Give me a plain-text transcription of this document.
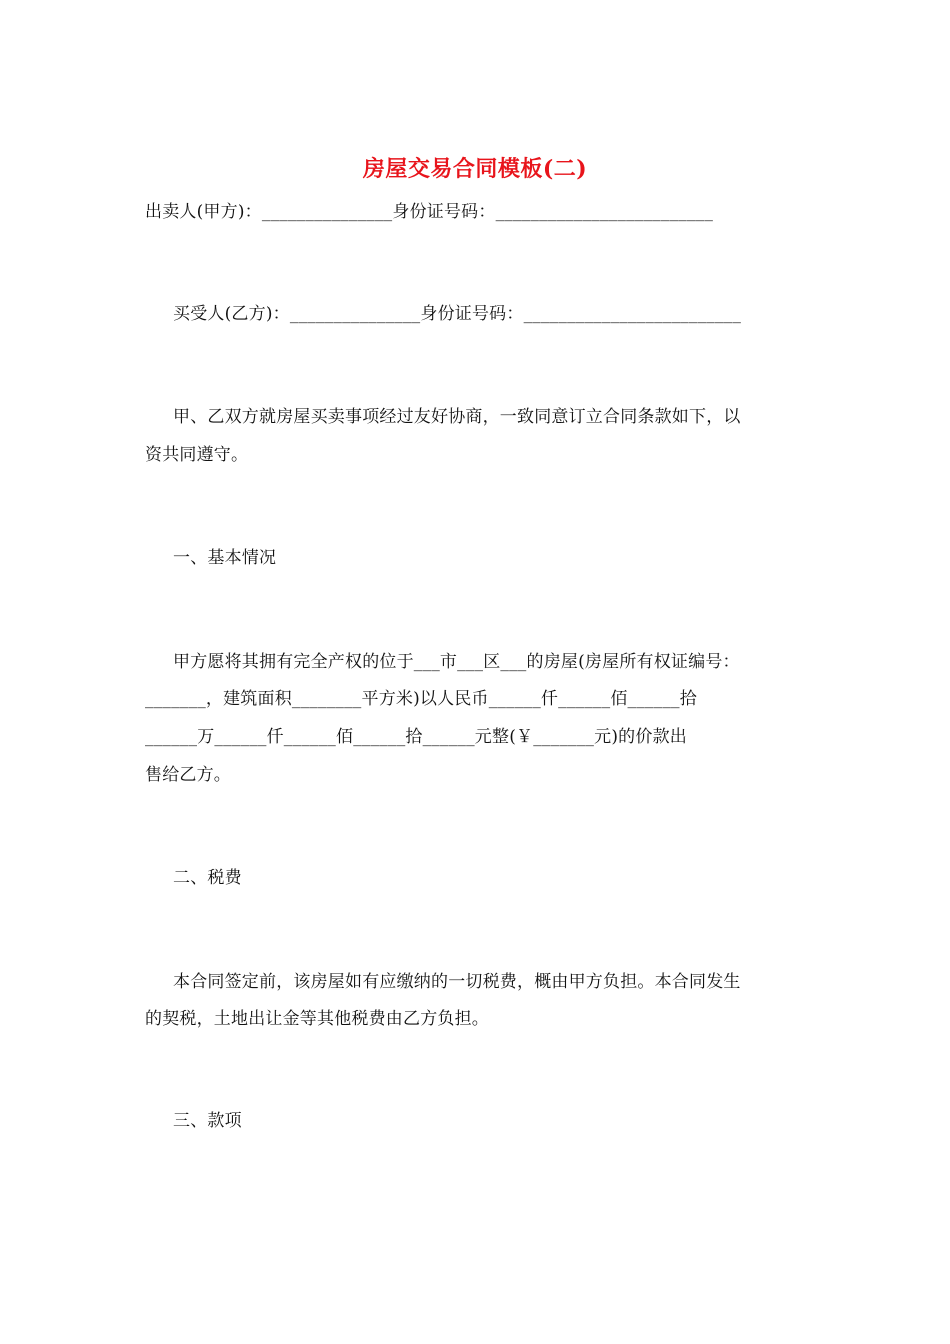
房屋交易合同模板(二)
出卖人(甲方)：_______________身份证号码：_________________________
买受人(乙方)：_______________身份证号码：_________________________
甲、乙双方就房屋买卖事项经过友好协商，一致同意订立合同条款如下，以
资共同遵守。
一、基本情况
甲方愿将其拥有完全产权的位于___市___区___的房屋(房屋所有权证编号：
_______，建筑面积________平方米)以人民币______仟______佰______拾
______万______仟______佰______拾______元整(￥_______元)的价款出
售给乙方。
二、税费
本合同签定前，该房屋如有应缴纳的一切税费，概由甲方负担。本合同发生
的契税，土地出让金等其他税费由乙方负担。
三、款项
